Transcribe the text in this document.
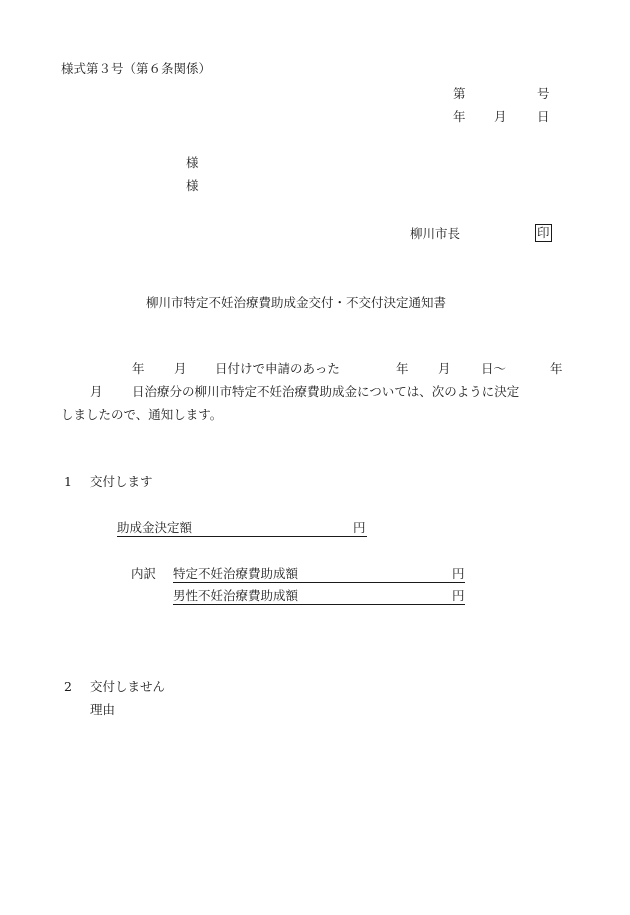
様式第３号（第６条関係）
第	号
年 月 日
様
様
柳川市長	印
柳川市特定不妊治療費助成金交付・不交付決定通知書
年 月 日付けで申請のあった	年 月 日～	年
月 日治療分の柳川市特定不妊治療費助成金については、次のように決定
しましたので、通知します。
1 交付します
助成金決定額	円
内訳 特定不妊治療費助成額	円
男性不妊治療費助成額	円
2 交付しません
理由
